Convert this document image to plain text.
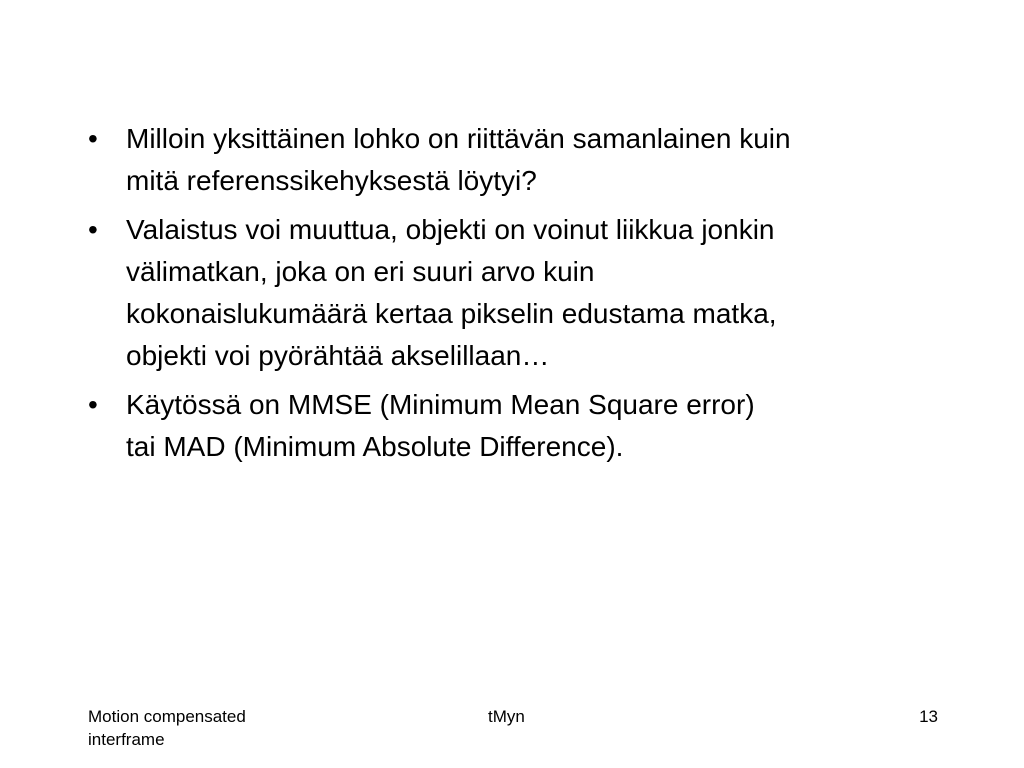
•	Milloin yksittäinen lohko on riittävän samanlainen kuin
mitä referenssikehyksestä löytyi?
•	Valaistus voi muuttua, objekti on voinut liikkua jonkin
välimatkan, joka on eri suuri arvo kuin
kokonaislukumäärä kertaa pikselin edustama matka,
objekti voi pyörähtää akselillaan…
•	Käytössä on MMSE (Minimum Mean Square error)
tai MAD (Minimum Absolute Difference).
Motion compensated
interframe
tMyn	13
